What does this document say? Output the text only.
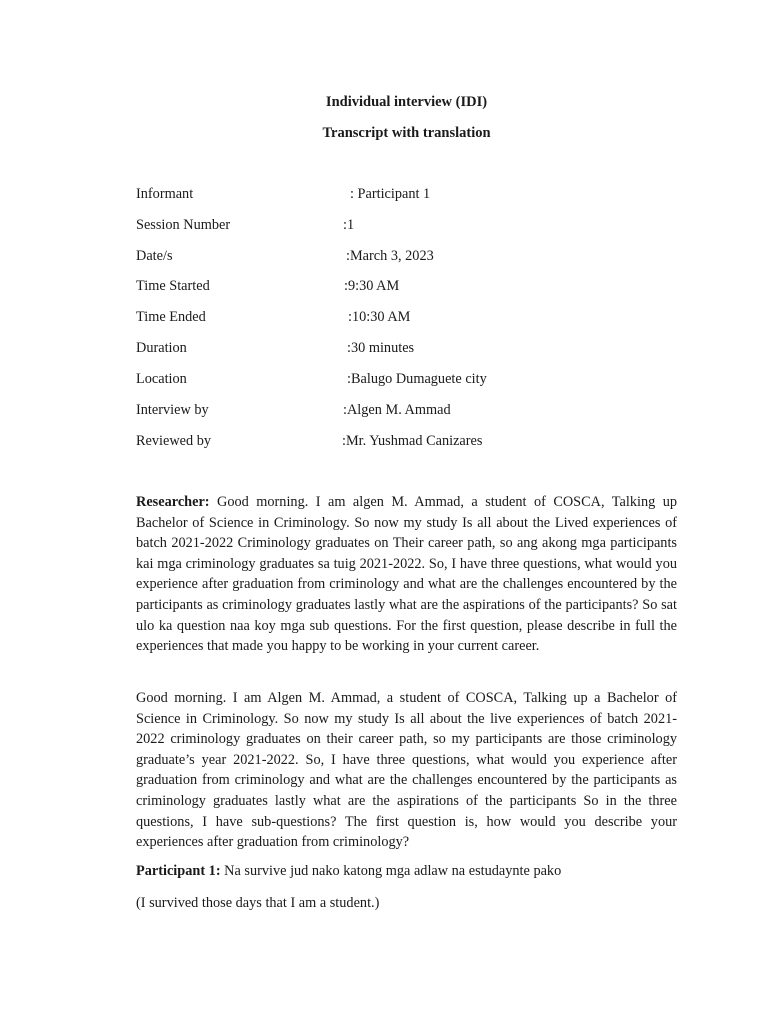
Individual interview (IDI)
Transcript with translation
Informant	: Participant 1
Session Number	:1
Date/s	:March 3, 2023
Time Started	:9:30 AM
Time Ended	:10:30 AM
Duration	:30 minutes
Location	:Balugo Dumaguete city
Interview by	:Algen M. Ammad
Reviewed by	:Mr. Yushmad Canizares

Researcher: Good morning. I am algen M. Ammad, a student of COSCA, Talking up Bachelor of Science in Criminology. So now my study Is all about the Lived experiences of batch 2021-2022 Criminology graduates on Their career path, so ang akong mga participants kai mga criminology graduates sa tuig 2021-2022. So, I have three questions, what would you experience after graduation from criminology and what are the challenges encountered by the participants as criminology graduates lastly what are the aspirations of the participants? So sat ulo ka question naa koy mga sub questions. For the first question, please describe in full the experiences that made you happy to be working in your current career.

Good morning. I am Algen M. Ammad, a student of COSCA, Talking up a Bachelor of Science in Criminology. So now my study Is all about the live experiences of batch 2021-2022 criminology graduates on their career path, so my participants are those criminology graduate’s year 2021-2022. So, I have three questions, what would you experience after graduation from criminology and what are the challenges encountered by the participants as criminology graduates lastly what are the aspirations of the participants So in the three questions, I have sub-questions? The first question is, how would you describe your experiences after graduation from criminology?

Participant 1: Na survive jud nako katong mga adlaw na estudaynte pako
(I survived those days that I am a student.)
